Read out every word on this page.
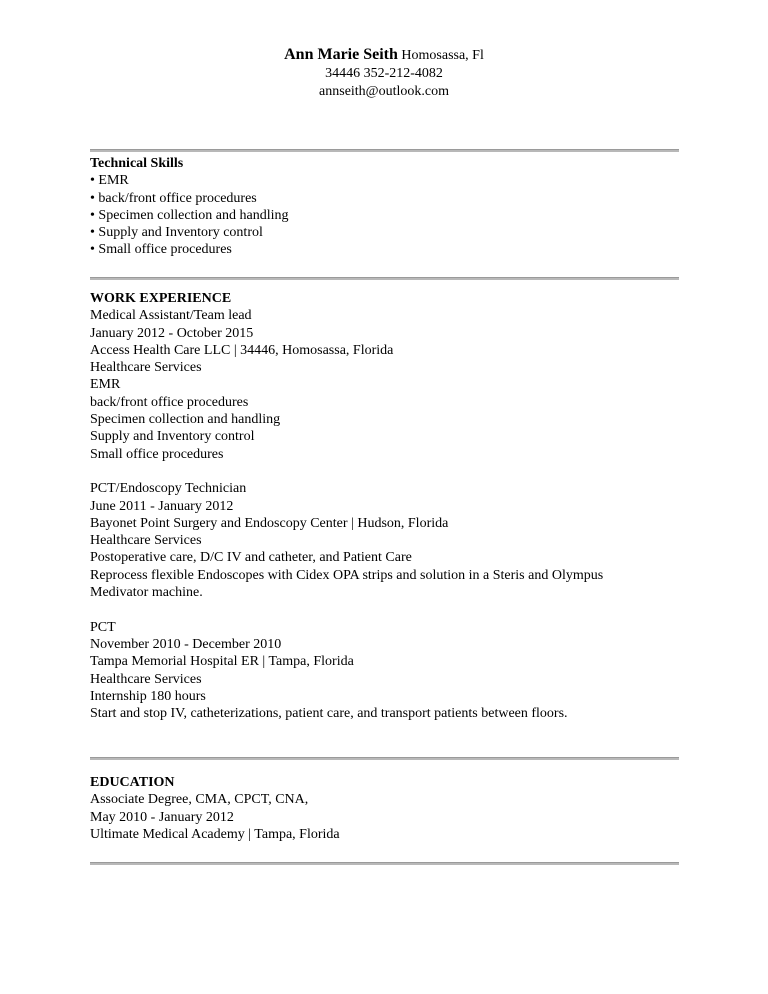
Ann Marie Seith Homosassa, Fl 34446 352-212-4082 annseith@outlook.com
Technical Skills
• EMR
• back/front office procedures
• Specimen collection and handling
• Supply and Inventory control
• Small office procedures
WORK EXPERIENCE
Medical Assistant/Team lead
January 2012 - October 2015
Access Health Care LLC | 34446, Homosassa, Florida
Healthcare Services
EMR
back/front office procedures
Specimen collection and handling
Supply and Inventory control
Small office procedures
PCT/Endoscopy Technician
June 2011 - January 2012
Bayonet Point Surgery and Endoscopy Center | Hudson, Florida
Healthcare Services
Postoperative care, D/C IV and catheter, and Patient Care
Reprocess flexible Endoscopes with Cidex OPA strips and solution in a Steris and Olympus
Medivator machine.
PCT
November 2010 - December 2010
Tampa Memorial Hospital ER | Tampa, Florida
Healthcare Services
Internship 180 hours
Start and stop IV, catheterizations, patient care, and transport patients between floors.
EDUCATION
Associate Degree, CMA, CPCT, CNA,
May 2010 - January 2012
Ultimate Medical Academy | Tampa, Florida
